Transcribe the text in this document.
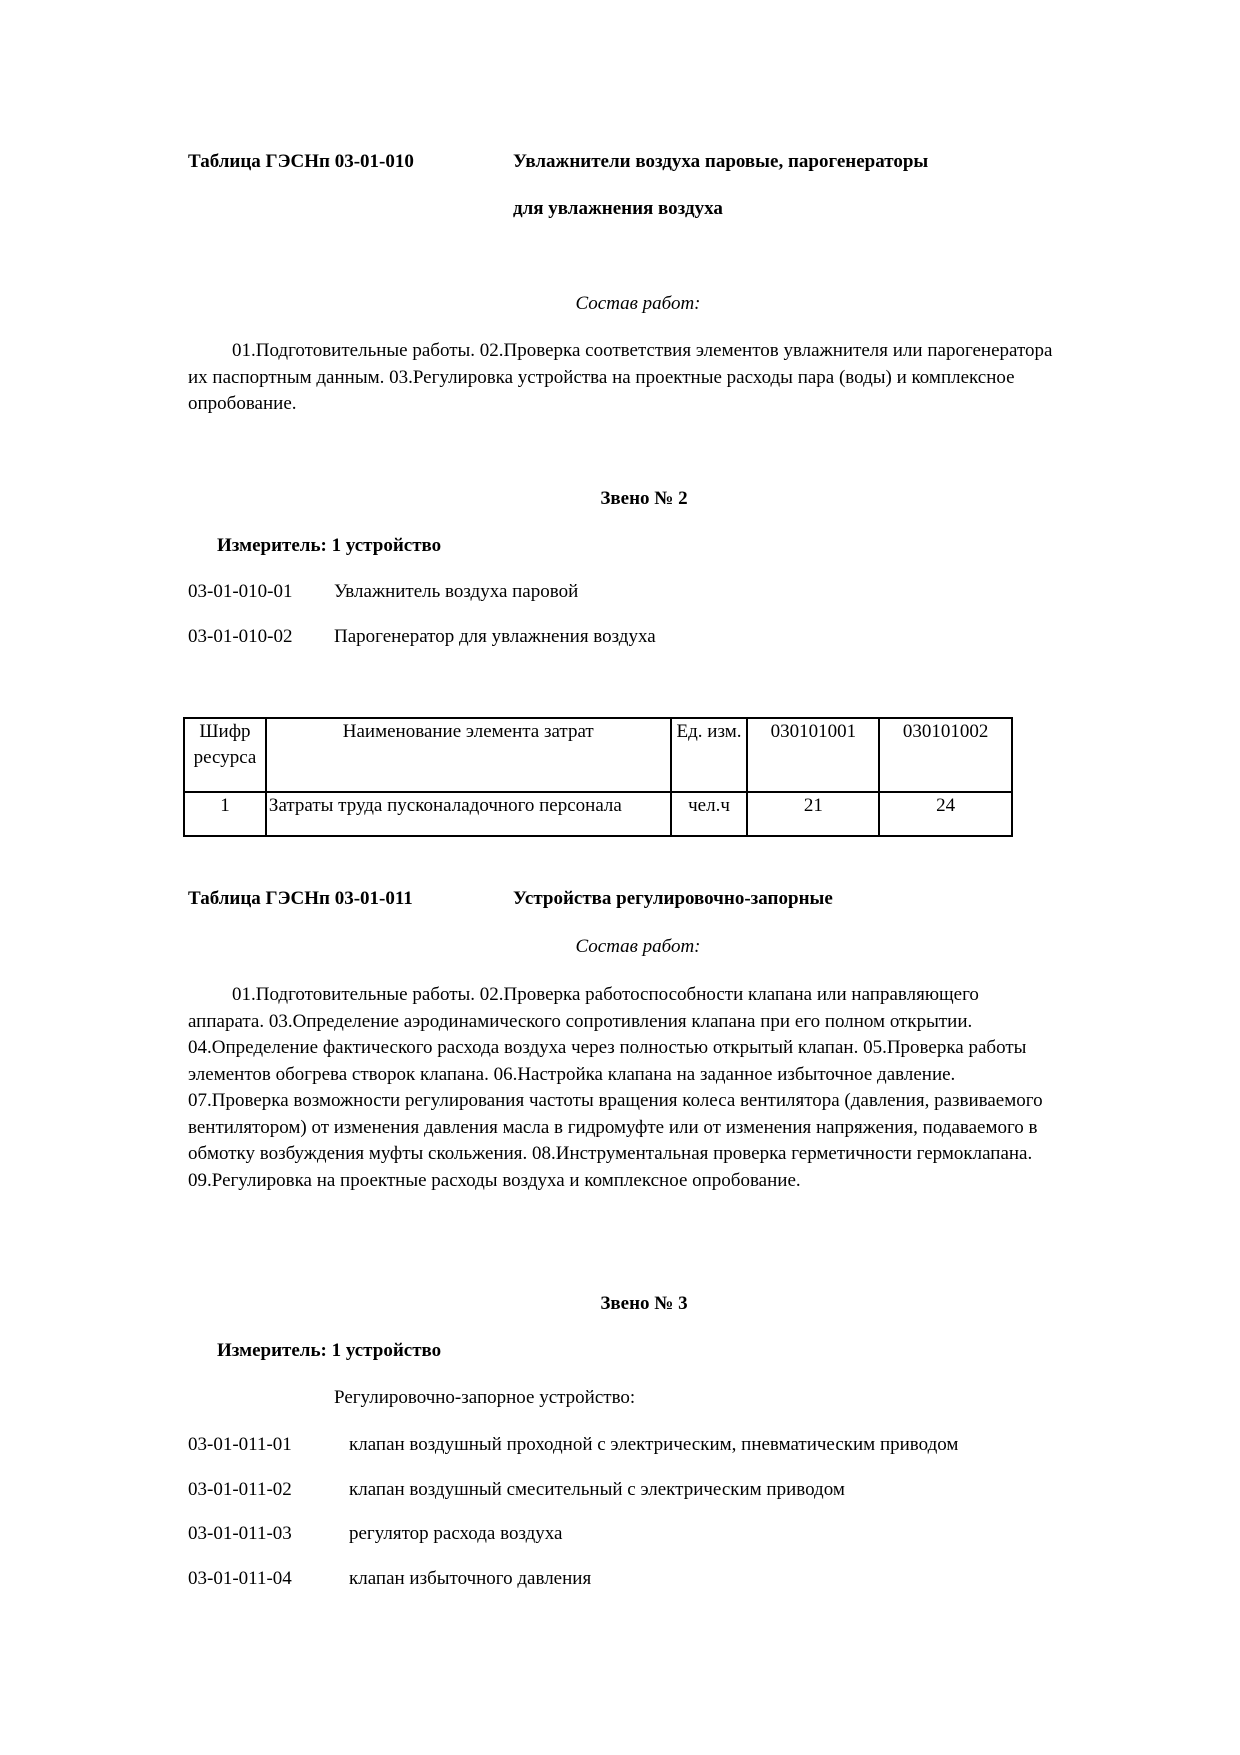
Таблица ГЭСНп 03-01-010	Увлажнители воздуха паровые, парогенераторы
для увлажнения воздуха
Состав работ:

01.Подготовительные работы. 02.Проверка соответствия элементов увлажнителя или парогенератора их паспортным данным. 03.Регулировка устройства на проектные расходы пара (воды) и комплексное опробование.

Звено № 2
Измеритель: 1 устройство
03-01-010-01 Увлажнитель воздуха паровой
03-01-010-02 Парогенератор для увлажнения воздуха
Шифр ресурса	Наименование элемента затрат	Ед. изм.	030101001	030101002
1	Затраты труда пусконаладочного персонала	чел.ч	21	24
Таблица ГЭСНп 03-01-011	Устройства регулировочно-запорные
Состав работ:

01.Подготовительные работы. 02.Проверка работоспособности клапана или направляющего аппарата. 03.Определение аэродинамического сопротивления клапана при его полном открытии. 04.Определение фактического расхода воздуха через полностью открытый клапан. 05.Проверка работы элементов обогрева створок клапана. 06.Настройка клапана на заданное избыточное давление. 07.Проверка возможности регулирования частоты вращения колеса вентилятора (давления, развиваемого вентилятором) от изменения давления масла в гидромуфте или от изменения напряжения, подаваемого в обмотку возбуждения муфты скольжения. 08.Инструментальная проверка герметичности гермоклапана. 09.Регулировка на проектные расходы воздуха и комплексное опробование.

Звено № 3
Измеритель: 1 устройство
Регулировочно-запорное устройство:
03-01-011-01	клапан воздушный проходной с электрическим, пневматическим приводом
03-01-011-02	клапан воздушный смесительный с электрическим приводом
03-01-011-03	регулятор расхода воздуха
03-01-011-04	клапан избыточного давления
